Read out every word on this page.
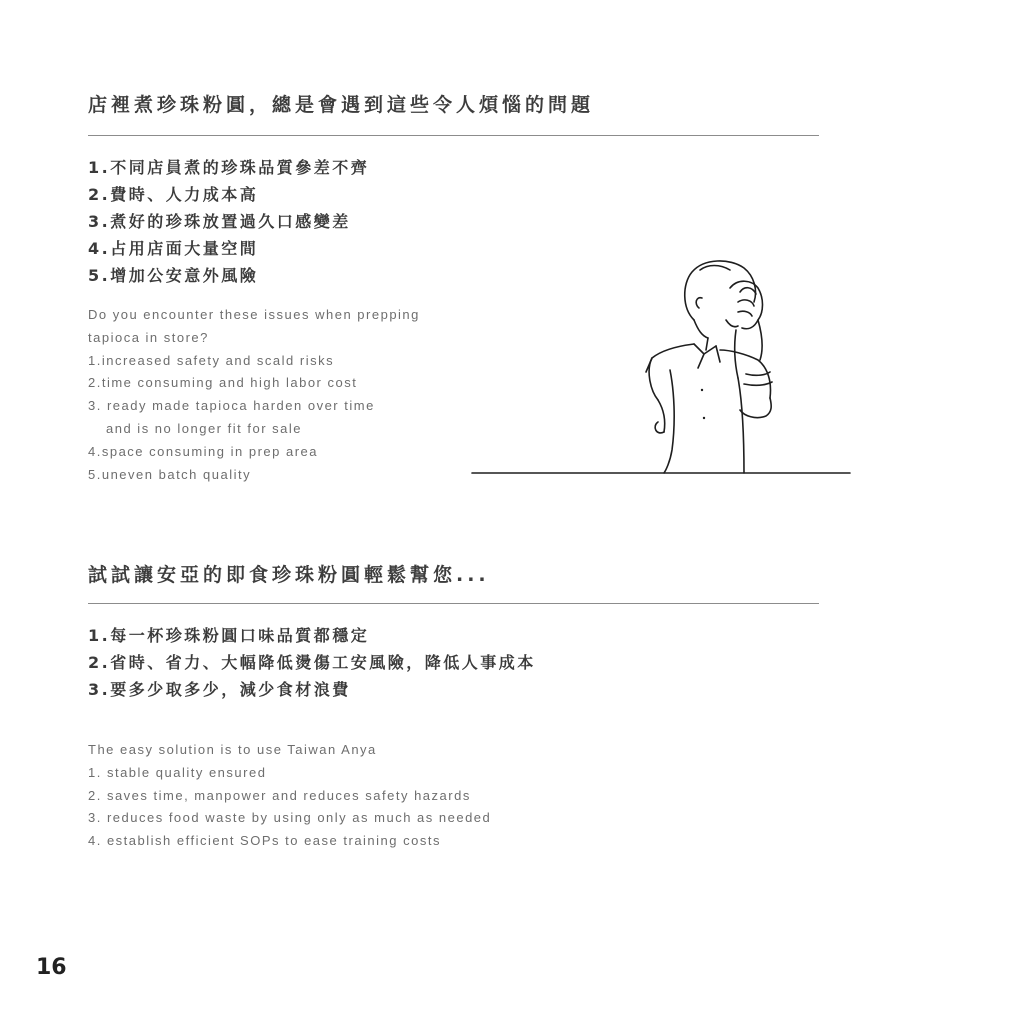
店裡煮珍珠粉圓，總是會遇到這些令人煩惱的問題
1.不同店員煮的珍珠品質參差不齊
2.費時、人力成本高
3.煮好的珍珠放置過久口感變差
4.占用店面大量空間
5.增加公安意外風險

Do you encounter these issues when prepping

tapioca in store?

1.increased safety and scald risks
2.time consuming and high labor cost
3. ready made tapioca harden over time
and is no longer fit for sale
4.space consuming in prep area
5.uneven batch quality
試試讓安亞的即食珍珠粉圓輕鬆幫您...
1.每一杯珍珠粉圓口味品質都穩定
2.省時、省力、大幅降低燙傷工安風險，降低人事成本
3.要多少取多少，減少食材浪費

The easy solution is to use Taiwan Anya

1. stable quality ensured
2. saves time, manpower and reduces safety hazards
3. reduces food waste by using only as much as needed
4. establish efficient SOPs to ease training costs
16
